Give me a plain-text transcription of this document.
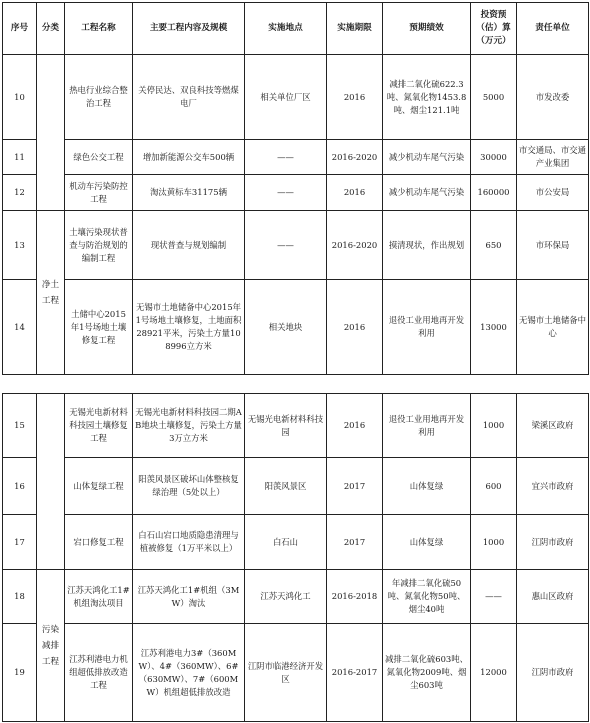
序号	分类	工程名称	主要工程内容及规模	实施地点	实施期限	预期绩效	投资预（估）算（万元）	责任单位
10		热电行业综合整治工程	关停民达、双良科技等燃煤电厂	相关单位厂区	2016	减排二氧化硫622.3吨、氮氧化物1453.8吨、烟尘121.1吨	5000	市发改委
11		绿色公交工程	增加新能源公交车500辆	——	2016-2020	减少机动车尾气污染	30000	市交通局、市交通产业集团
12		机动车污染防控工程	淘汰黄标车31175辆	——	2016	减少机动车尾气污染	160000	市公安局
13	净土工程	土壤污染现状普查与防治规划的编制工程	现状普查与规划编制	——	2016-2020	摸清现状，作出规划	650	市环保局
14		土储中心2015年1号场地土壤修复工程	无锡市土地储备中心2015年1号场地土壤修复，土地面积28921平米，污染土方量108996立方米	相关地块	2016	退役工业用地再开发利用	13000	无锡市土地储备中心
15		无锡光电新材料科技园土壤修复工程	无锡光电新材料科技园二期AB地块土壤修复，污染土方量3万立方米	无锡光电新材料科技园	2016	退役工业用地再开发利用	1000	梁溪区政府
16		山体复绿工程	阳羡风景区破坏山体整核复绿治理（5处以上）	阳羡风景区	2017	山体复绿	600	宜兴市政府
17		宕口修复工程	白石山宕口地质隐患清理与植被修复（1万平米以上）	白石山	2017	山体复绿	1000	江阴市政府
18	污染减排工程	江苏天鸿化工1#机组淘汰项目	江苏天鸿化工1#机组（3MW）淘汰	江苏天鸿化工	2016-2018	年减排二氧化硫50吨、氮氧化物50吨、烟尘40吨	——	惠山区政府
19		江苏利港电力机组超低排放改造工程	江苏利港电力3#（360MW）、4#（360MW）、6#（630MW）、7#（600MW）机组超低排放改造	江阴市临港经济开发区	2016-2017	减排二氧化硫603吨、氮氧化物2009吨、烟尘603吨	12000	江阴市政府
